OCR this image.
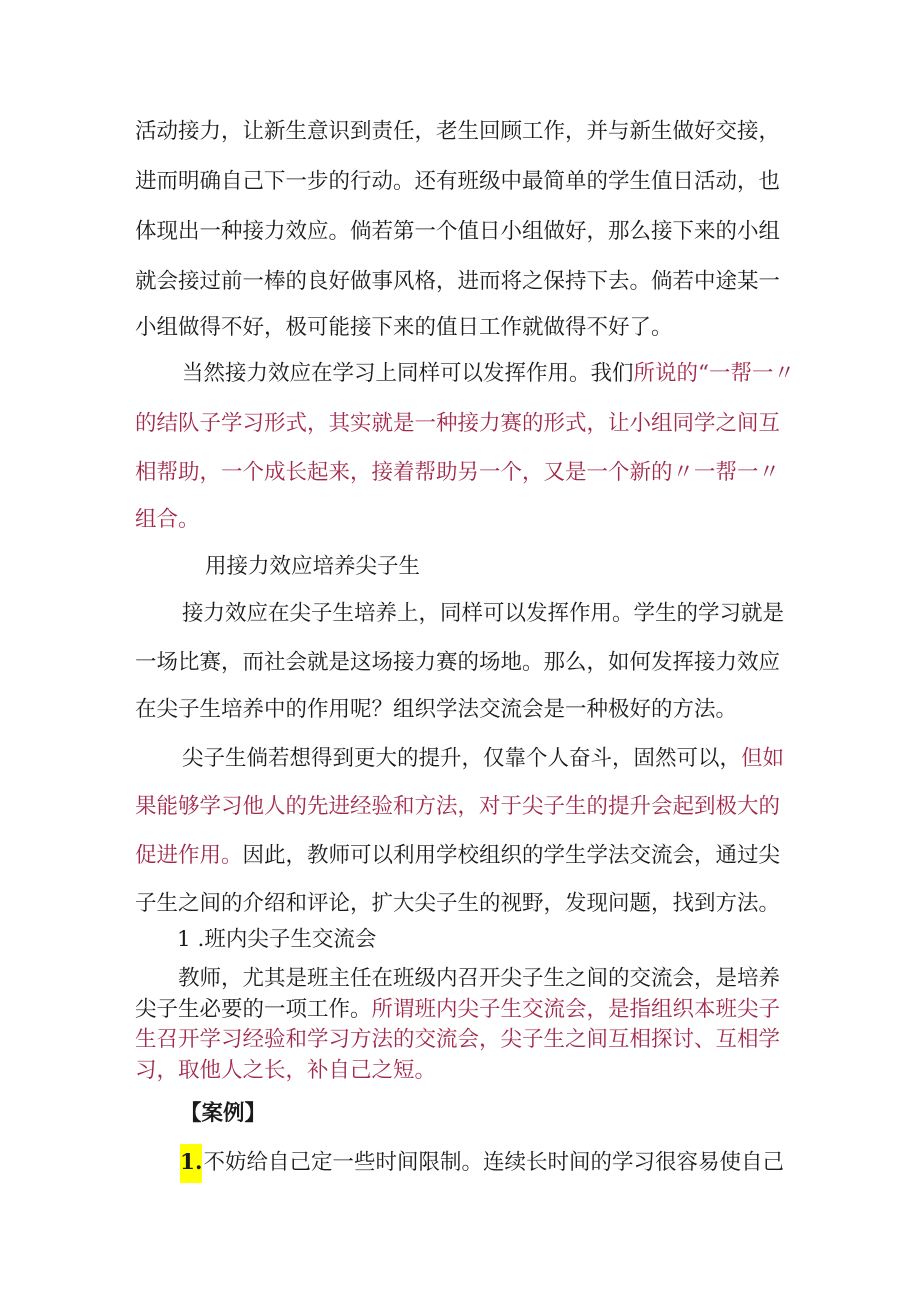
活动接力，让新生意识到责任，老生回顾工作，并与新生做好交接，
进而明确自己下一步的行动。还有班级中最简单的学生值日活动，也
体现出一种接力效应。倘若第一个值日小组做好，那么接下来的小组
就会接过前一棒的良好做事风格，进而将之保持下去。倘若中途某一
小组做得不好，极可能接下来的值日工作就做得不好了。
当然接力效应在学习上同样可以发挥作用。我们所说的“一帮一〃
的结队子学习形式，其实就是一种接力赛的形式，让小组同学之间互
相帮助，一个成长起来，接着帮助另一个，又是一个新的〃一帮一〃
组合。
用接力效应培养尖子生
接力效应在尖子生培养上，同样可以发挥作用。学生的学习就是
一场比赛，而社会就是这场接力赛的场地。那么，如何发挥接力效应
在尖子生培养中的作用呢？组织学法交流会是一种极好的方法。
尖子生倘若想得到更大的提升，仅靠个人奋斗，固然可以，但如
果能够学习他人的先进经验和方法，对于尖子生的提升会起到极大的
促进作用。因此，教师可以利用学校组织的学生学法交流会，通过尖
子生之间的介绍和评论，扩大尖子生的视野，发现问题，找到方法。
1 .班内尖子生交流会
教师，尤其是班主任在班级内召开尖子生之间的交流会，是培养
尖子生必要的一项工作。所谓班内尖子生交流会，是指组织本班尖子
生召开学习经验和学习方法的交流会，尖子生之间互相探讨、互相学
习，取他人之长，补自己之短。
【案例】
1.不妨给自己定一些时间限制。连续长时间的学习很容易使自己
